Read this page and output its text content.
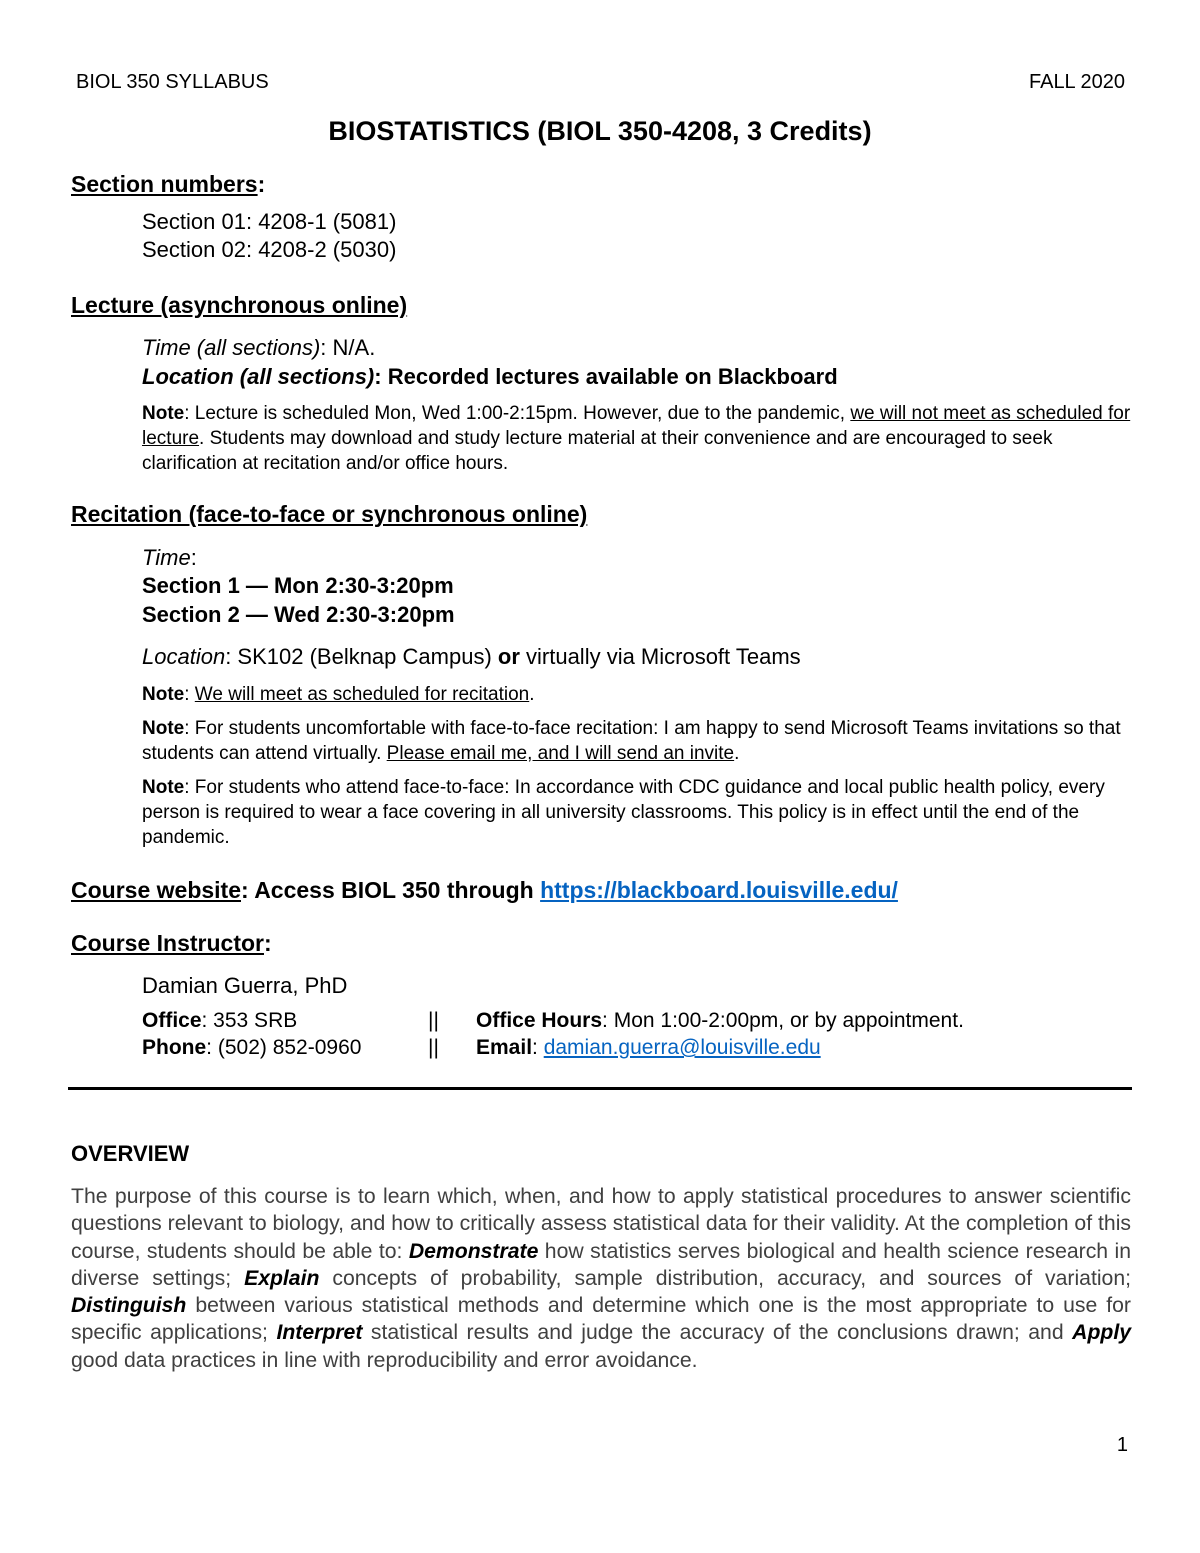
BIOL 350 SYLLABUS	FALL 2020
BIOSTATISTICS (BIOL 350-4208, 3 Credits)
Section numbers:
Section 01: 4208-1 (5081)
Section 02: 4208-2 (5030)
Lecture (asynchronous online)
Time (all sections): N/A.
Location (all sections): Recorded lectures available on Blackboard
Note: Lecture is scheduled Mon, Wed 1:00-2:15pm. However, due to the pandemic, we will not meet as scheduled for lecture. Students may download and study lecture material at their convenience and are encouraged to seek clarification at recitation and/or office hours.
Recitation (face-to-face or synchronous online)
Time:
Section 1 — Mon 2:30-3:20pm
Section 2 — Wed 2:30-3:20pm
Location: SK102 (Belknap Campus) or virtually via Microsoft Teams
Note: We will meet as scheduled for recitation.
Note: For students uncomfortable with face-to-face recitation: I am happy to send Microsoft Teams invitations so that students can attend virtually. Please email me, and I will send an invite.
Note: For students who attend face-to-face: In accordance with CDC guidance and local public health policy, every person is required to wear a face covering in all university classrooms. This policy is in effect until the end of the pandemic.
Course website: Access BIOL 350 through https://blackboard.louisville.edu/
Course Instructor:
Damian Guerra, PhD
Office: 353 SRB	|| Office Hours: Mon 1:00-2:00pm, or by appointment.
Phone: (502) 852-0960	|| Email: damian.guerra@louisville.edu
OVERVIEW
The purpose of this course is to learn which, when, and how to apply statistical procedures to answer scientific questions relevant to biology, and how to critically assess statistical data for their validity. At the completion of this course, students should be able to: Demonstrate how statistics serves biological and health science research in diverse settings; Explain concepts of probability, sample distribution, accuracy, and sources of variation; Distinguish between various statistical methods and determine which one is the most appropriate to use for specific applications; Interpret statistical results and judge the accuracy of the conclusions drawn; and Apply good data practices in line with reproducibility and error avoidance.
1
